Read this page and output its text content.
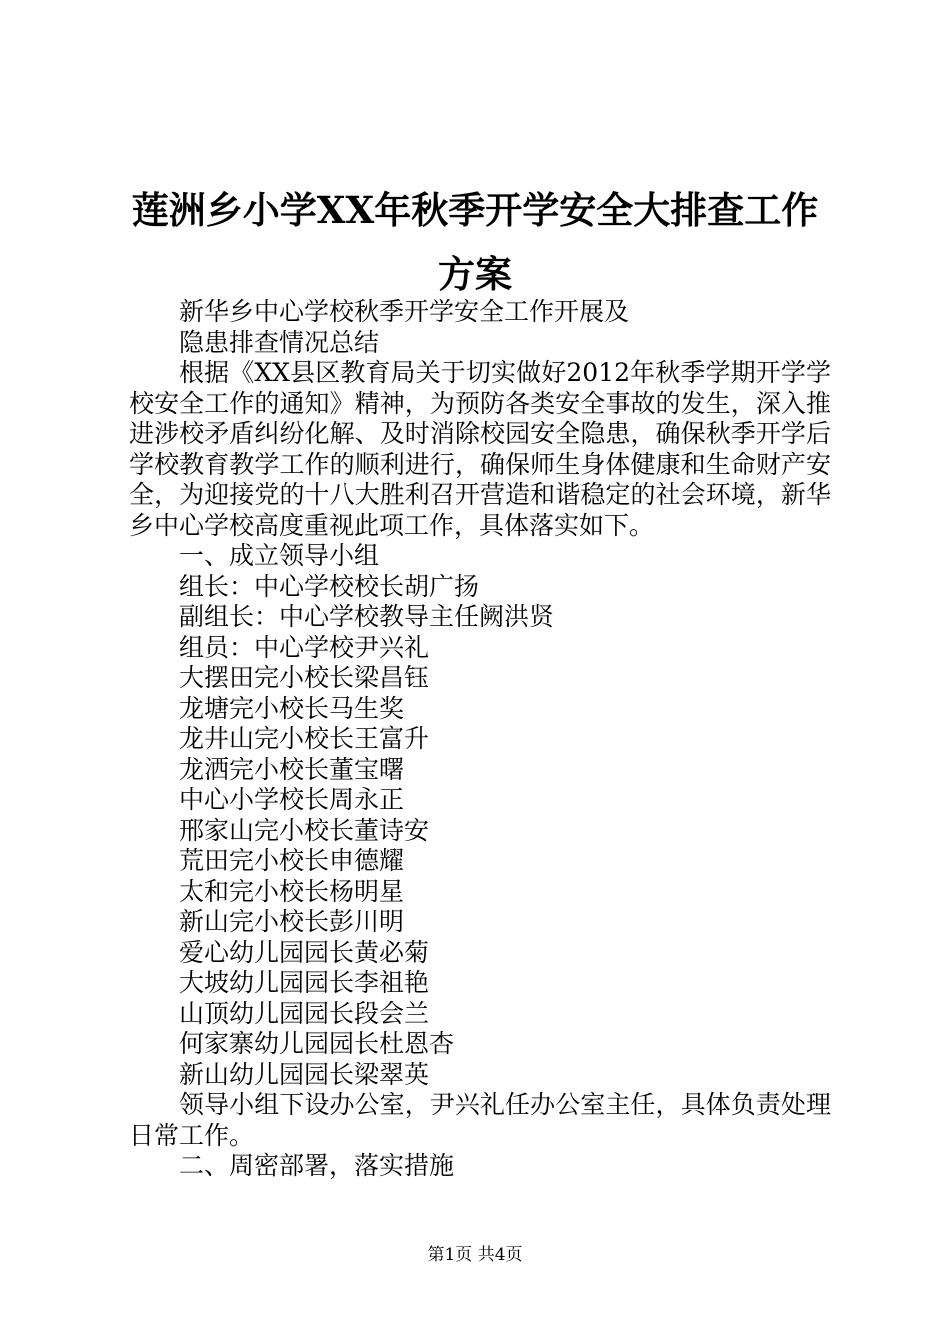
莲洲乡小学XX年秋季开学安全大排查工作方案

新华乡中心学校秋季开学安全工作开展及

隐患排查情况总结

根据《XX县区教育局关于切实做好2012年秋季学期开学学校安全工作的通知》精神，为预防各类安全事故的发生，深入推进涉校矛盾纠纷化解、及时消除校园安全隐患，确保秋季开学后学校教育教学工作的顺利进行，确保师生身体健康和生命财产安全，为迎接党的十八大胜利召开营造和谐稳定的社会环境，新华乡中心学校高度重视此项工作，具体落实如下。

一、成立领导小组

组长：中心学校校长胡广扬

副组长：中心学校教导主任阙洪贤

组员：中心学校尹兴礼

大摆田完小校长梁昌钰

龙塘完小校长马生奖

龙井山完小校长王富升

龙洒完小校长董宝曙

中心小学校长周永正

邢家山完小校长董诗安

荒田完小校长申德耀

太和完小校长杨明星

新山完小校长彭川明

爱心幼儿园园长黄必菊

大坡幼儿园园长李祖艳

山顶幼儿园园长段会兰

何家寨幼儿园园长杜恩杏

新山幼儿园园长梁翠英

领导小组下设办公室，尹兴礼任办公室主任，具体负责处理日常工作。

二、周密部署，落实措施

第1页 共4页
